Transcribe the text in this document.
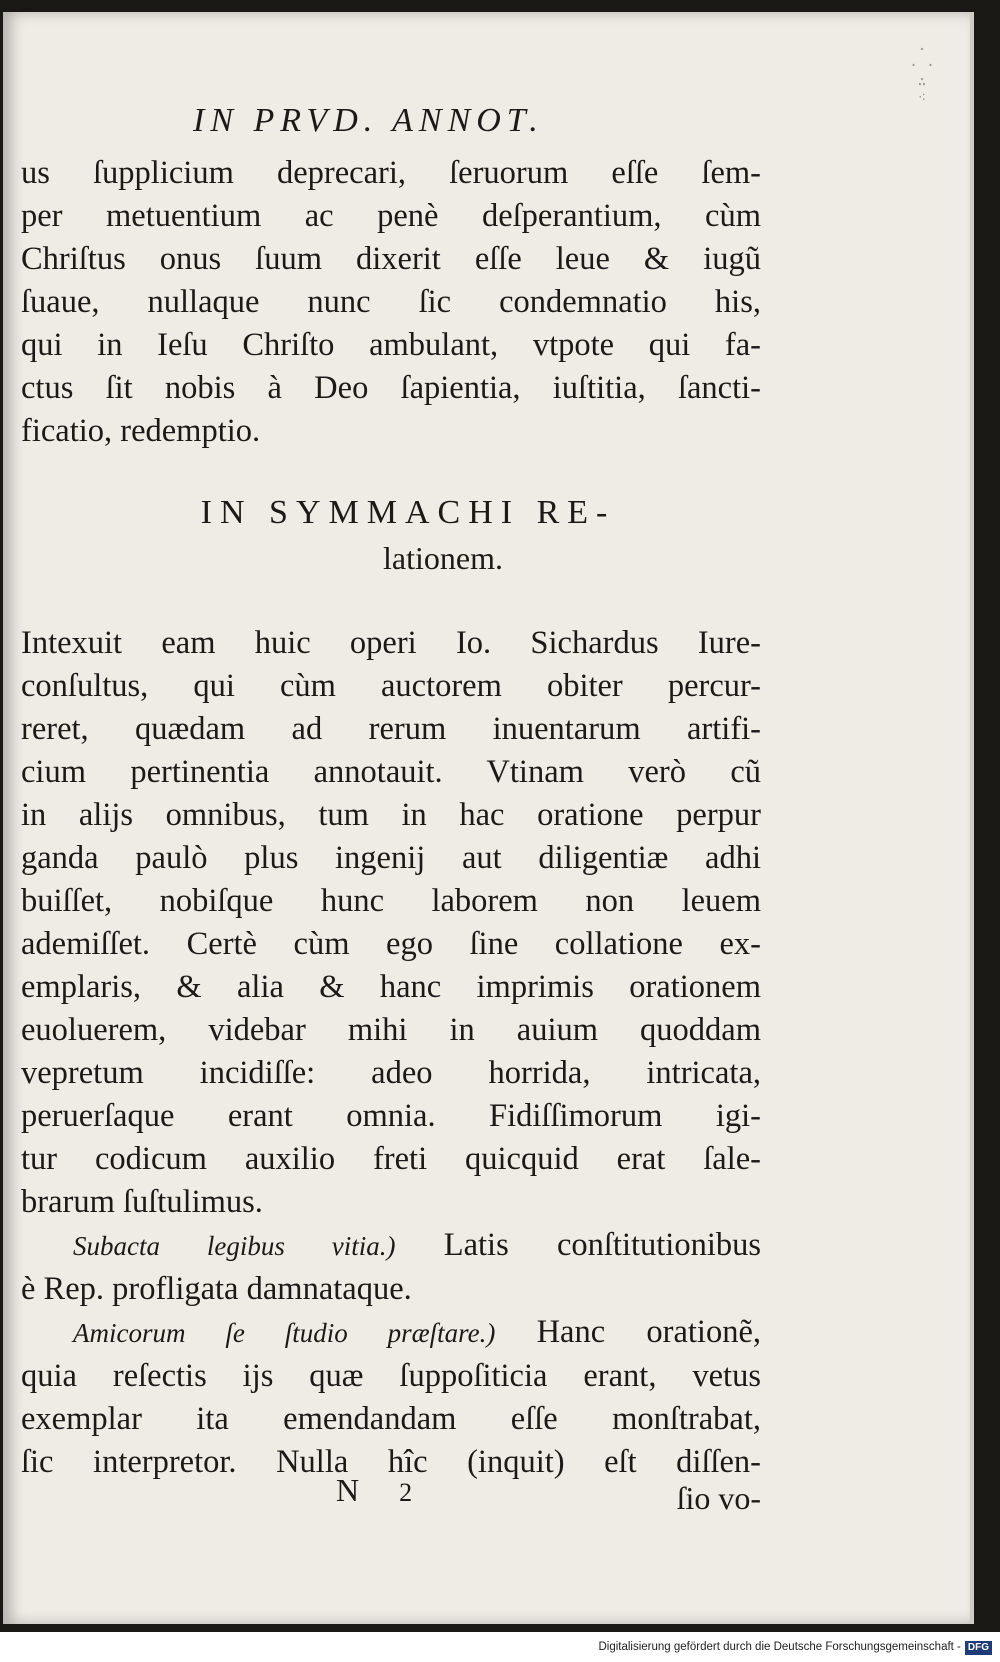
·
· ·
∴
⁖
IN PRVD. ANNOT.
us ſupplicium deprecari, ſeruorum eſſe ſem-
per metuentium ac penè deſperantium, cùm
Chriſtus onus ſuum dixerit eſſe leue & iugũ
ſuaue, nullaque nunc ſic condemnatio his,
qui in Ieſu Chriſto ambulant, vtpote qui fa-
ctus ſit nobis à Deo ſapientia, iuſtitia, ſancti-
ficatio, redemptio.
IN SYMMACHI RE-
lationem.
Intexuit eam huic operi Io. Sichardus Iure-
conſultus, qui cùm auctorem obiter percur-
reret, quædam ad rerum inuentarum artifi-
cium pertinentia annotauit. Vtinam verò cũ
in alijs omnibus, tum in hac oratione perpur
ganda paulò plus ingenij aut diligentiæ adhi
buiſſet, nobiſque hunc laborem non leuem
ademiſſet. Certè cùm ego ſine collatione ex-
emplaris, & alia & hanc imprimis orationem
euoluerem, videbar mihi in auium quoddam
vepretum incidiſſe: adeo horrida, intricata,
peruerſaque erant omnia. Fidiſſimorum igi-
tur codicum auxilio freti quicquid erat ſale-
brarum ſuſtulimus.
Subacta legibus vitia.) Latis conſtitutionibus
è Rep. profligata damnataque.
Amicorum ſe ſtudio præſtare.) Hanc orationẽ,
quia reſectis ijs quæ ſuppoſiticia erant, vetus
exemplar ita emendandam eſſe monſtrabat,
ſic interpretor. Nulla hîc (inquit) eſt diſſen-
N 2	ſio vo-
Digitalisierung gefördert durch die Deutsche Forschungsgemeinschaft - DFG
